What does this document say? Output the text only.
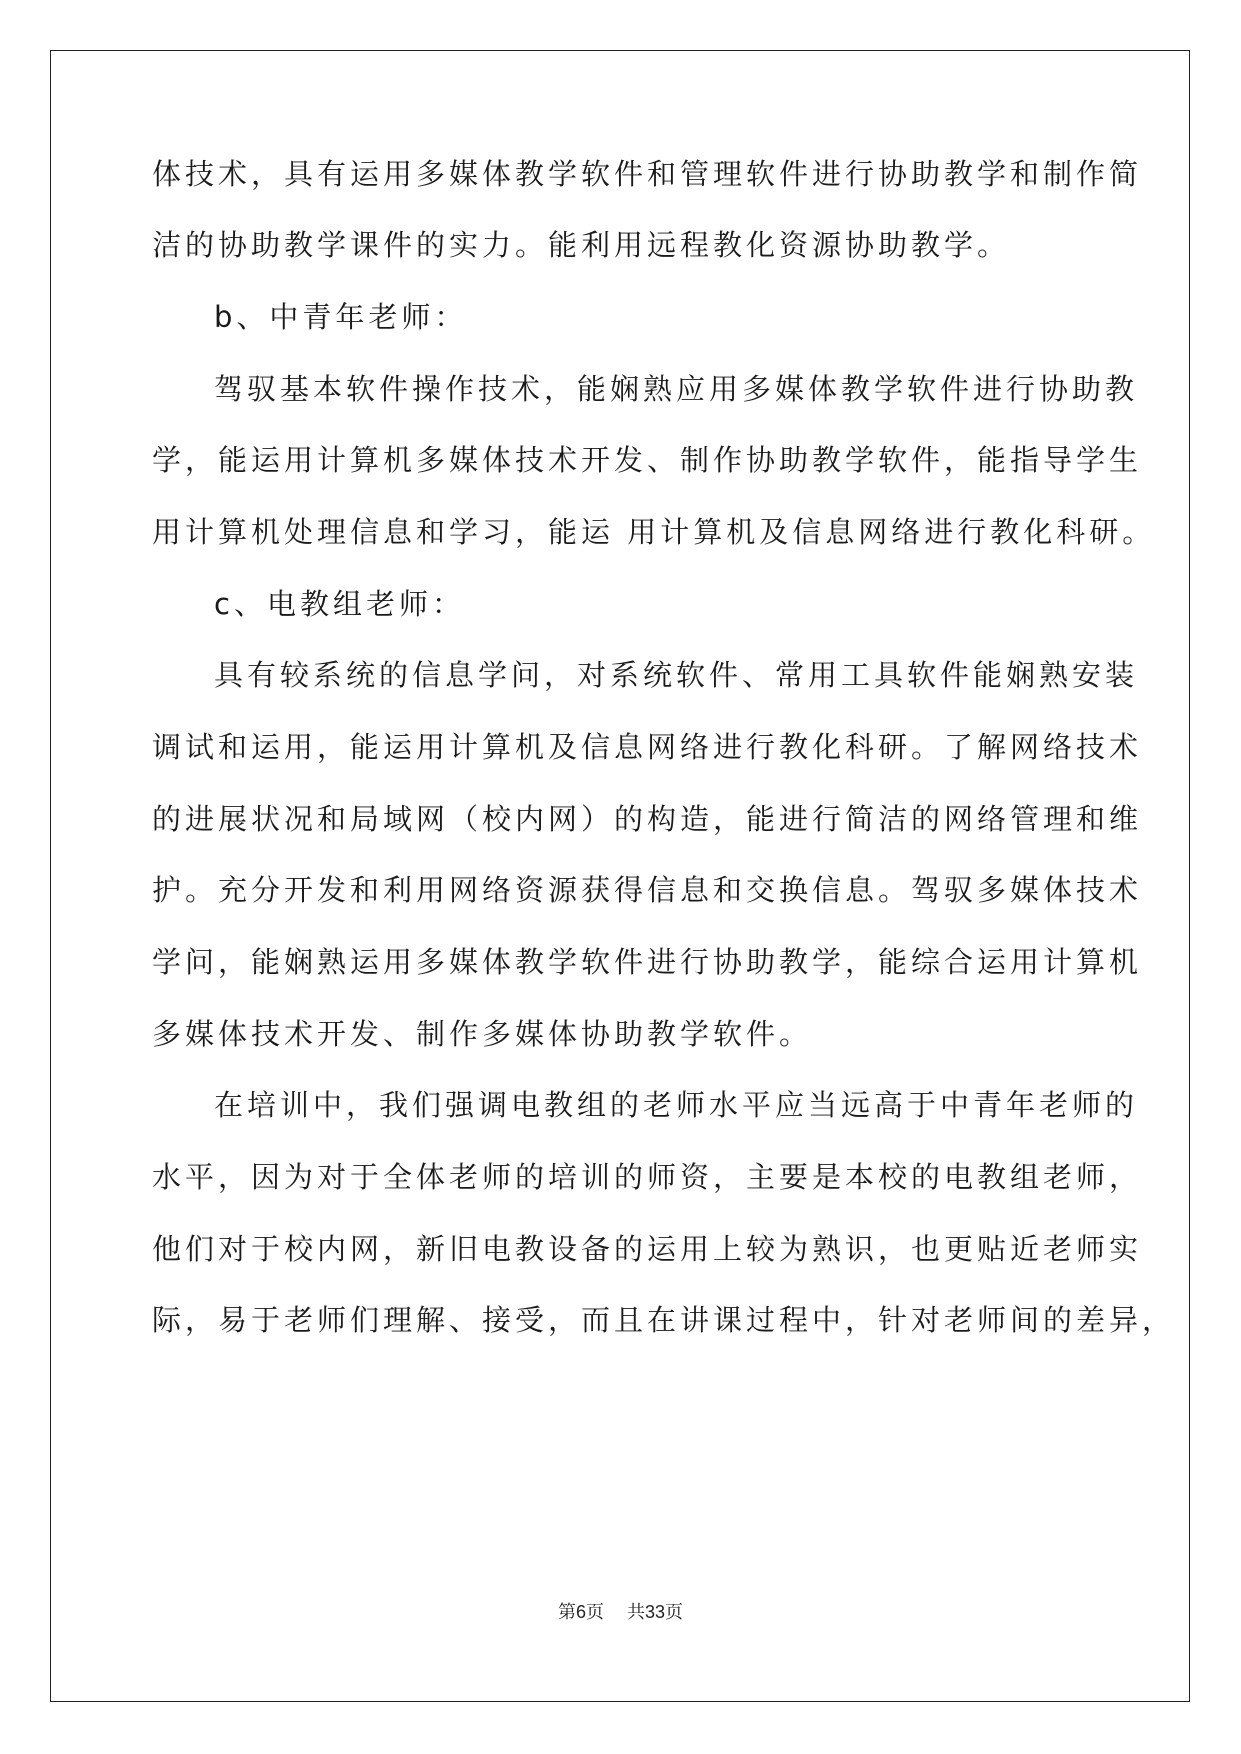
体技术，具有运用多媒体教学软件和管理软件进行协助教学和制作简
洁的协助教学课件的实力。能利用远程教化资源协助教学。
b、中青年老师：
驾驭基本软件操作技术，能娴熟应用多媒体教学软件进行协助教
学，能运用计算机多媒体技术开发、制作协助教学软件，能指导学生
用计算机处理信息和学习，能运 用计算机及信息网络进行教化科研。
c、电教组老师：
具有较系统的信息学问，对系统软件、常用工具软件能娴熟安装
调试和运用，能运用计算机及信息网络进行教化科研。了解网络技术
的进展状况和局域网（校内网）的构造，能进行简洁的网络管理和维
护。充分开发和利用网络资源获得信息和交换信息。驾驭多媒体技术
学问，能娴熟运用多媒体教学软件进行协助教学，能综合运用计算机
多媒体技术开发、制作多媒体协助教学软件。
在培训中，我们强调电教组的老师水平应当远高于中青年老师的
水平，因为对于全体老师的培训的师资，主要是本校的电教组老师，
他们对于校内网，新旧电教设备的运用上较为熟识，也更贴近老师实
际，易于老师们理解、接受，而且在讲课过程中，针对老师间的差异，
第6页 共33页
